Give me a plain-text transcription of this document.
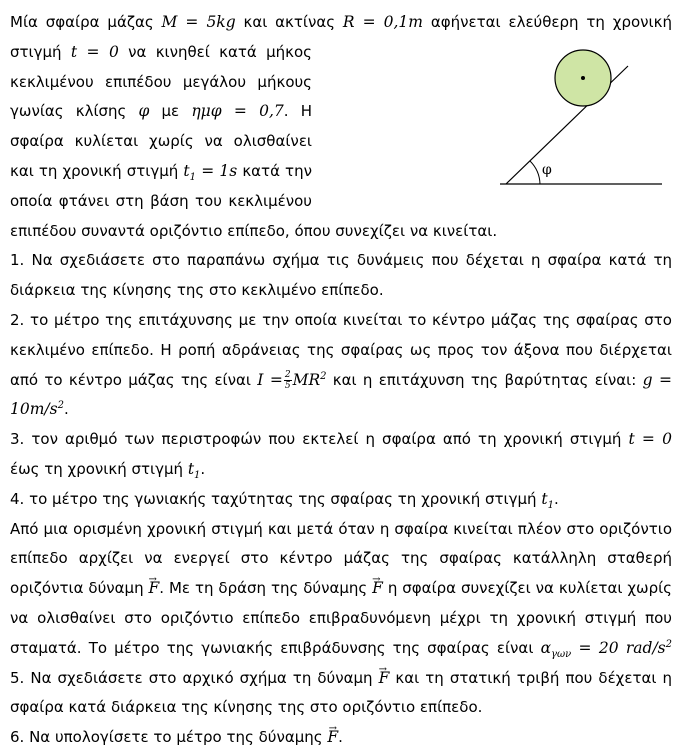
Μία σφαίρα μάζας M = 5kg και ακτίνας R = 0,1m αφήνεται ελεύθερη τη χρονική
στιγμή t = 0 να κινηθεί κατά μήκος
κεκλιμένου επιπέδου μεγάλου μήκους
γωνίας κλίσης φ με ημφ = 0,7. Η
σφαίρα κυλίεται χωρίς να ολισθαίνει
και τη χρονική στιγμή $t_1 = 1s$ κατά την
οποία φτάνει στη βάση του κεκλιμένου
επιπέδου συναντά οριζόντιο επίπεδο, όπου συνεχίζει να κινείται.
1. Να σχεδιάσετε στο παραπάνω σχήμα τις δυνάμεις που δέχεται η σφαίρα κατά τη
διάρκεια της κίνησης της στο κεκλιμένο επίπεδο.
2. το μέτρο της επιτάχυνσης με την οποία κινείται το κέντρο μάζας της σφαίρας στο
κεκλιμένο επίπεδο. Η ροπή αδράνειας της σφαίρας ως προς τον άξονα που διέρχεται
από το κέντρο μάζας της είναι $I = \frac{2}{5} MR^2$ και η επιτάχυνση της βαρύτητας είναι: g =
$10m/s^2$.
3. τον αριθμό των περιστροφών που εκτελεί η σφαίρα από τη χρονική στιγμή t = 0
έως τη χρονική στιγμή $t_1$.
4. το μέτρο της γωνιακής ταχύτητας της σφαίρας τη χρονική στιγμή $t_1$.
Από μια ορισμένη χρονική στιγμή και μετά όταν η σφαίρα κινείται πλέον στο οριζόντιο
επίπεδο αρχίζει να ενεργεί στο κέντρο μάζας της σφαίρας κατάλληλη σταθερή
οριζόντια δύναμη → F. Με τη δράση της δύναμης → F η σφαίρα συνεχίζει να κυλίεται χωρίς
να ολισθαίνει στο οριζόντιο επίπεδο επιβραδυνόμενη μέχρι τη χρονική στιγμή που
σταματά. Το μέτρο της γωνιακής επιβράδυνσης της σφαίρας είναι $\alpha_{\gamma\omega\nu} = 20$ rad/$s^2$
5. Να σχεδιάσετε στο αρχικό σχήμα τη δύναμη → F και τη στατική τριβή που δέχεται η
σφαίρα κατά διάρκεια της κίνησης της στο οριζόντιο επίπεδο.
6. Να υπολογίσετε το μέτρο της δύναμης → F.
φ
